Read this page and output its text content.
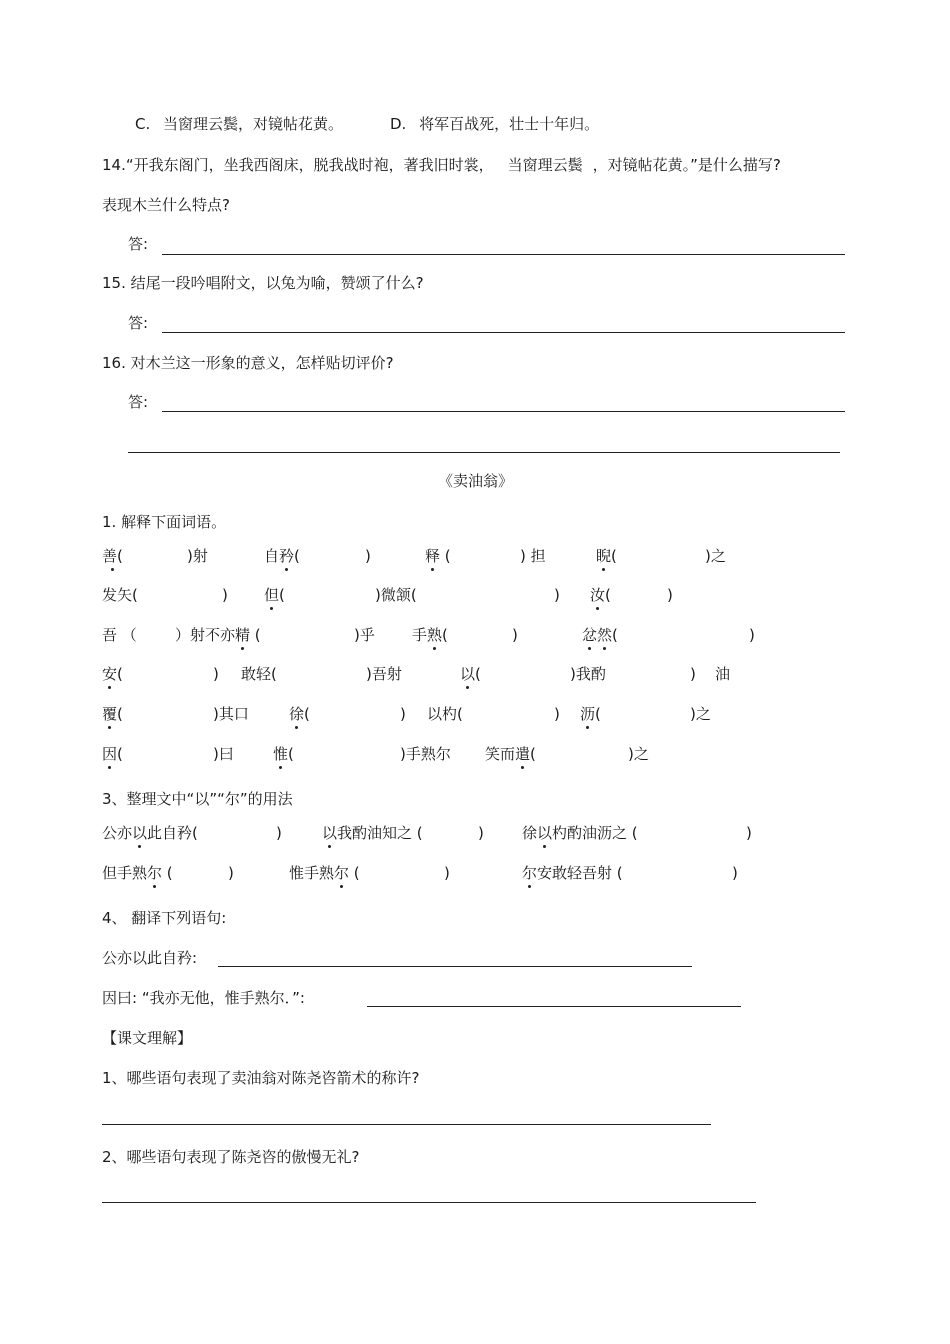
C. 当窗理云鬓，对镜帖花黄。	D. 将军百战死，壮士十年归。
14.“开我东阁门，坐我西阁床，脱我战时袍，著我旧时裳， 当窗理云鬓 ，对镜帖花黄。”是什么描写?
表现木兰什么特点?
答:
15. 结尾一段吟唱附文，以兔为喻，赞颂了什么?
答:
16. 对木兰这一形象的意义，怎样贴切评价?
答:
《卖油翁》
1. 解释下面词语。
善(	)射	自矜(	)	释 (	) 担	睨(	)之
发矢(	) 但(	)微颔(	) 汝(	)
吾 （	）射不亦精 (	)乎 手熟(	)	忿然(	)
安(	) 敢轻(	)吾射	以(	)我酌	) 油
覆(	)其口	徐(	) 以杓(	) 沥(	)之
因(	)曰	惟(	)手熟尔 笑而遣(	)之
3、整理文中“以”“尔”的用法
公亦以此自矜(	)	以我酌油知之 (	)	徐以杓酌油沥之 (	)
但手熟尔 (	)	惟手熟尔 (	)	尔安敢轻吾射 (	)
4、 翻译下列语句:
公亦以此自矜:
因曰: “我亦无他，惟手熟尔．”:
【课文理解】
1、哪些语句表现了卖油翁对陈尧咨箭术的称许?
2、哪些语句表现了陈尧咨的傲慢无礼?
